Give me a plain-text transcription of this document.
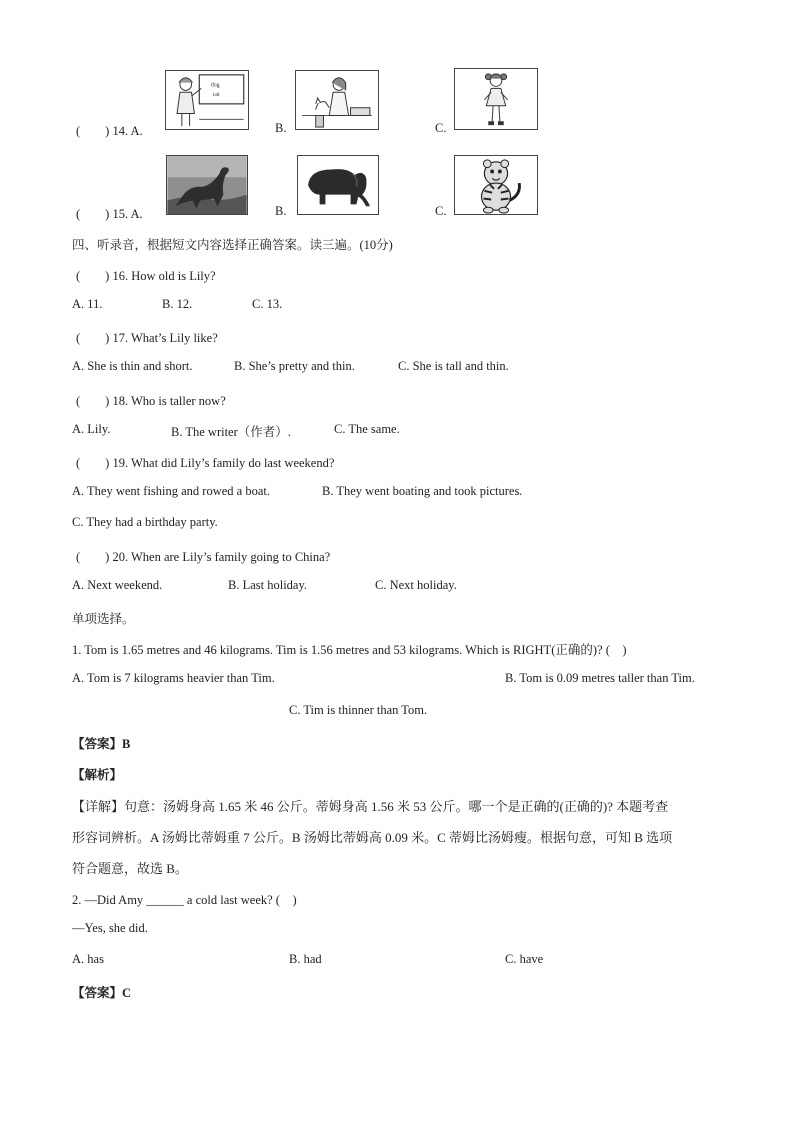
dog
cat
(　　) 14. A.	B.	C.
(　　) 15. A.	B.	C.
四、听录音，根据短文内容选择正确答案。读三遍。(10分)
(　　) 16. How old is Lily?
A. 11.	B. 12.	C. 13.
(　　) 17. What’s Lily like?
A. She is thin and short.	B. She’s pretty and thin.	C. She is tall and thin.
(　　) 18. Who is taller now?
A. Lily.	B. The writer（作者）.	C. The same.
(　　) 19. What did Lily’s family do last weekend?
A. They went fishing and rowed a boat.	B. They went boating and took pictures.
C. They had a birthday party.
(　　) 20. When are Lily’s family going to China?
A. Next weekend.	B. Last holiday.	C. Next holiday.
单项选择。
1. Tom is 1.65 metres and 46 kilograms. Tim is 1.56 metres and 53 kilograms. Which is RIGHT(正确的)? (　)
A. Tom is 7 kilograms heavier than Tim.	B. Tom is 0.09 metres taller than Tim.
C. Tim is thinner than Tom.
【答案】B
【解析】
【详解】句意：汤姆身高 1.65 米 46 公斤。蒂姆身高 1.56 米 53 公斤。哪一个是正确的(正确的)? 本题考查
形容词辨析。A 汤姆比蒂姆重 7 公斤。B 汤姆比蒂姆高 0.09 米。C 蒂姆比汤姆瘦。根据句意，可知 B 选项
符合题意，故选 B。
2. —Did Amy ______ a cold last week? (　)
—Yes, she did.
A. has	B. had	C. have
【答案】C
